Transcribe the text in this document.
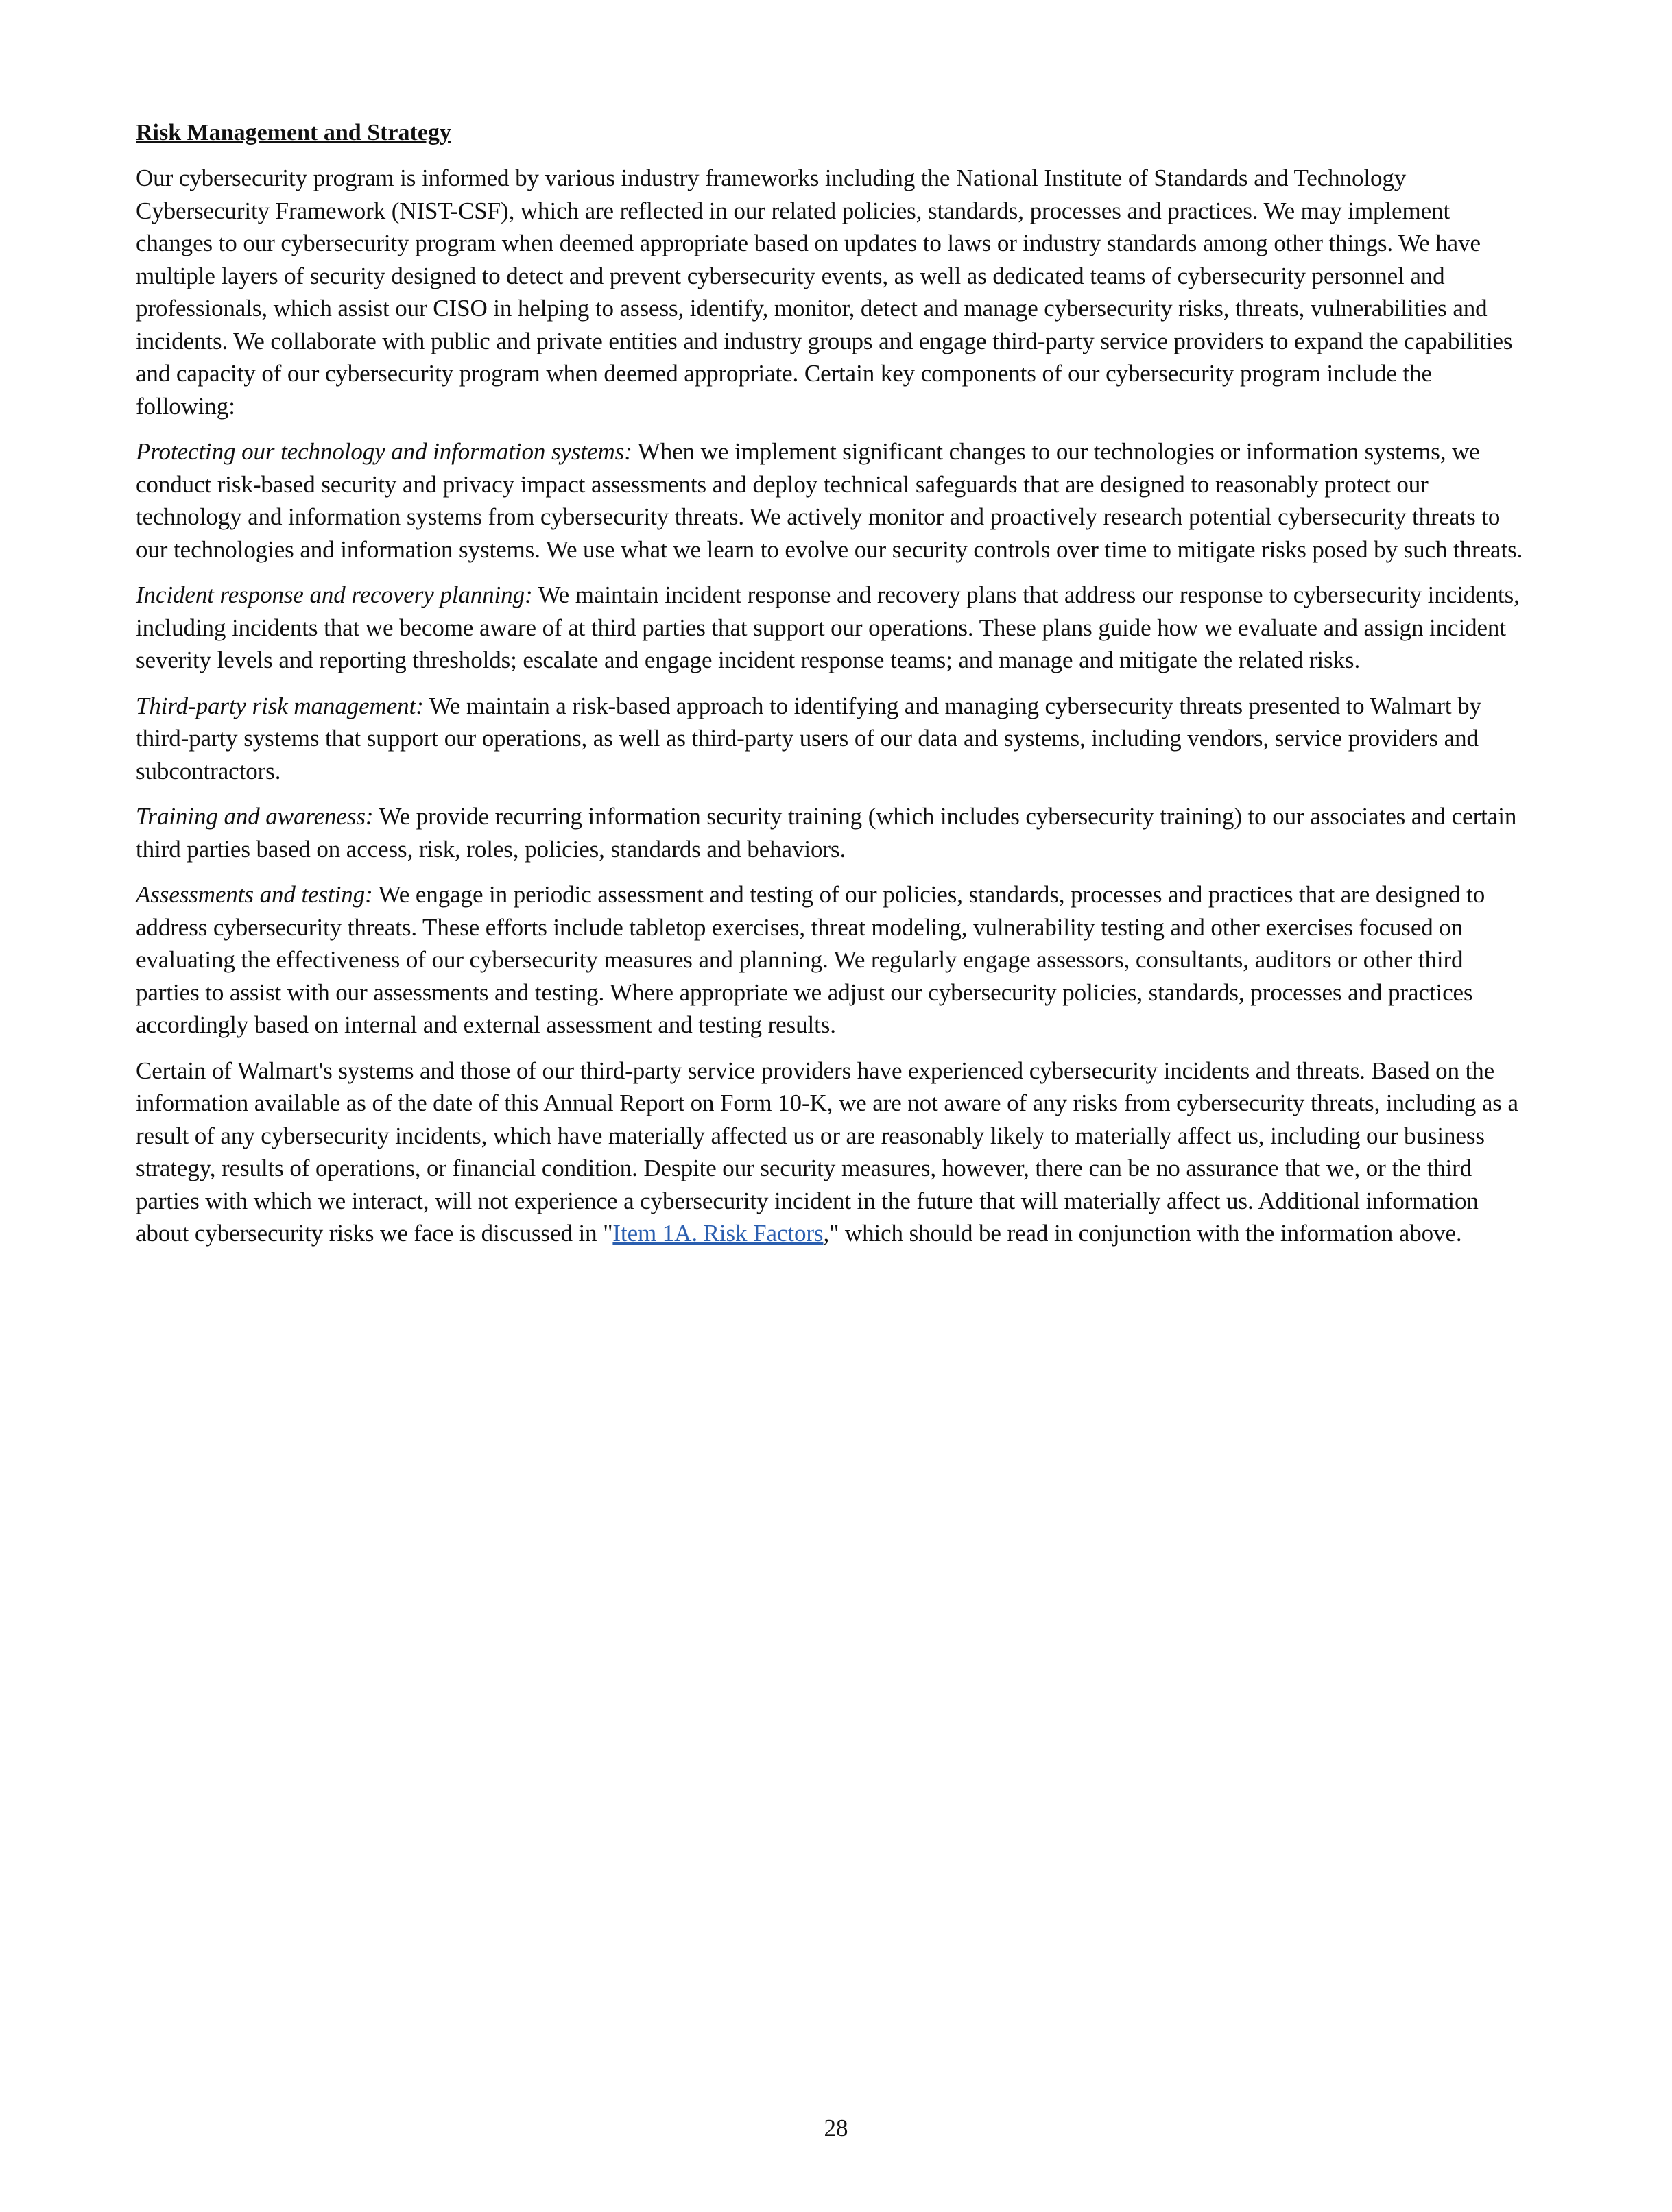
Risk Management and Strategy

Our cybersecurity program is informed by various industry frameworks including the National Institute of Standards and Technology Cybersecurity Framework (NIST-CSF), which are reflected in our related policies, standards, processes and practices. We may implement changes to our cybersecurity program when deemed appropriate based on updates to laws or industry standards among other things. We have multiple layers of security designed to detect and prevent cybersecurity events, as well as dedicated teams of cybersecurity personnel and professionals, which assist our CISO in helping to assess, identify, monitor, detect and manage cybersecurity risks, threats, vulnerabilities and incidents. We collaborate with public and private entities and industry groups and engage third-party service providers to expand the capabilities and capacity of our cybersecurity program when deemed appropriate. Certain key components of our cybersecurity program include the following:

Protecting our technology and information systems: When we implement significant changes to our technologies or information systems, we conduct risk-based security and privacy impact assessments and deploy technical safeguards that are designed to reasonably protect our technology and information systems from cybersecurity threats. We actively monitor and proactively research potential cybersecurity threats to our technologies and information systems. We use what we learn to evolve our security controls over time to mitigate risks posed by such threats.

Incident response and recovery planning: We maintain incident response and recovery plans that address our response to cybersecurity incidents, including incidents that we become aware of at third parties that support our operations. These plans guide how we evaluate and assign incident severity levels and reporting thresholds; escalate and engage incident response teams; and manage and mitigate the related risks.

Third-party risk management: We maintain a risk-based approach to identifying and managing cybersecurity threats presented to Walmart by third-party systems that support our operations, as well as third-party users of our data and systems, including vendors, service providers and subcontractors.

Training and awareness: We provide recurring information security training (which includes cybersecurity training) to our associates and certain third parties based on access, risk, roles, policies, standards and behaviors.

Assessments and testing: We engage in periodic assessment and testing of our policies, standards, processes and practices that are designed to address cybersecurity threats. These efforts include tabletop exercises, threat modeling, vulnerability testing and other exercises focused on evaluating the effectiveness of our cybersecurity measures and planning. We regularly engage assessors, consultants, auditors or other third parties to assist with our assessments and testing. Where appropriate we adjust our cybersecurity policies, standards, processes and practices accordingly based on internal and external assessment and testing results.

Certain of Walmart's systems and those of our third-party service providers have experienced cybersecurity incidents and threats. Based on the information available as of the date of this Annual Report on Form 10-K, we are not aware of any risks from cybersecurity threats, including as a result of any cybersecurity incidents, which have materially affected us or are reasonably likely to materially affect us, including our business strategy, results of operations, or financial condition. Despite our security measures, however, there can be no assurance that we, or the third parties with which we interact, will not experience a cybersecurity incident in the future that will materially affect us. Additional information about cybersecurity risks we face is discussed in "Item 1A. Risk Factors," which should be read in conjunction with the information above.

28
